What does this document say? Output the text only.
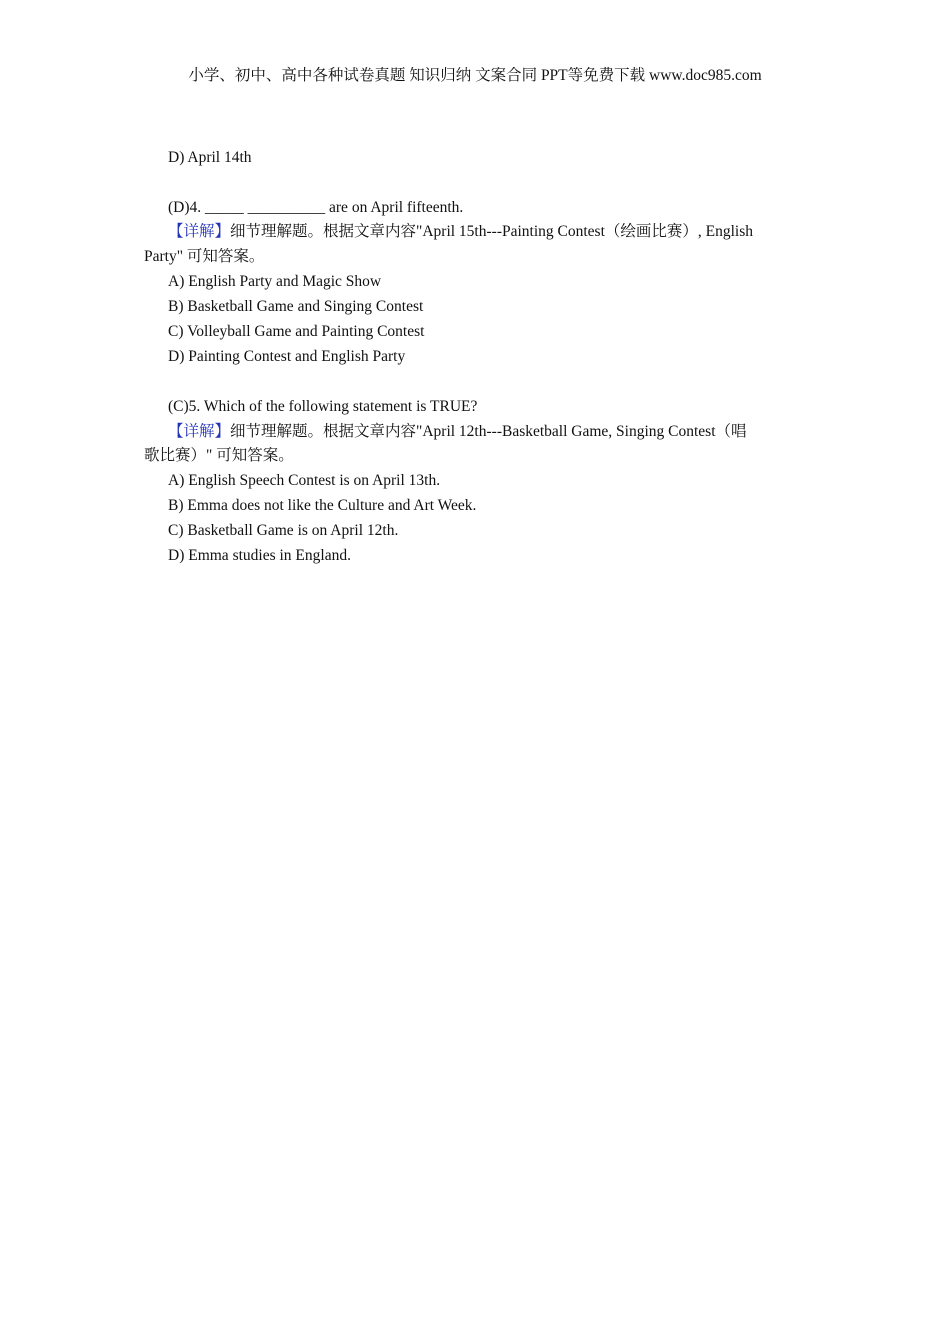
小学、初中、高中各种试卷真题 知识归纳 文案合同 PPT等免费下载 www.doc985.com
D) April 14th
(D)4. _____ __________ are on April fifteenth.
【详解】细节理解题。根据文章内容"April 15th---Painting Contest（绘画比赛）, English
Party" 可知答案。
A) English Party and Magic Show
B) Basketball Game and Singing Contest
C) Volleyball Game and Painting Contest
D) Painting Contest and English Party
(C)5. Which of the following statement is TRUE?
【详解】细节理解题。根据文章内容"April 12th---Basketball Game, Singing Contest（唱
歌比赛）" 可知答案。
A) English Speech Contest is on April 13th.
B) Emma does not like the Culture and Art Week.
C) Basketball Game is on April 12th.
D) Emma studies in England.
